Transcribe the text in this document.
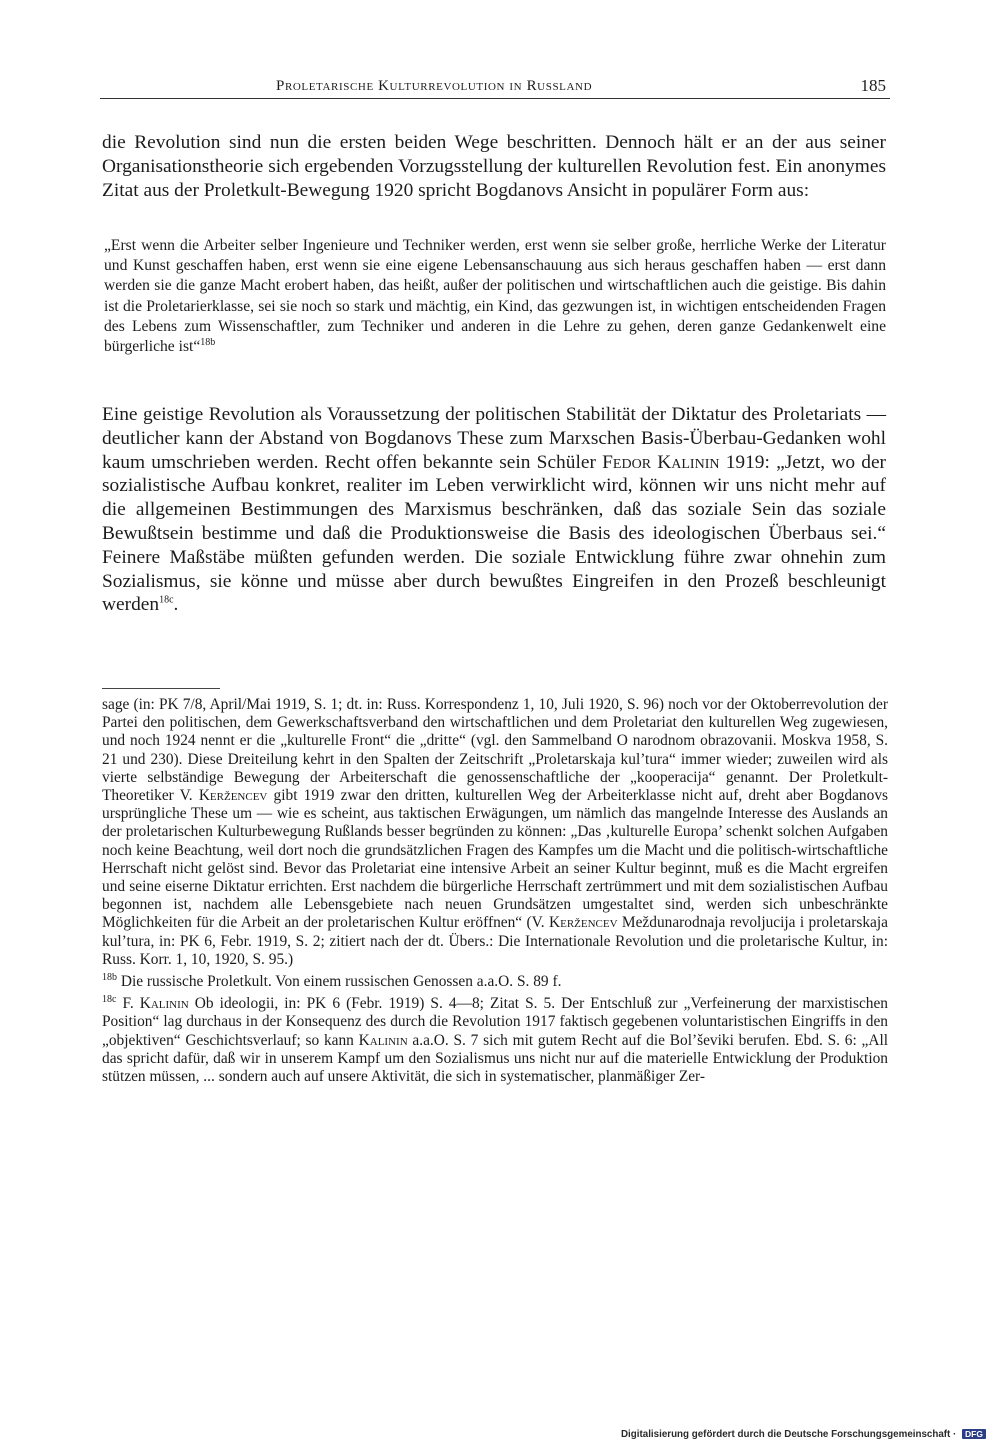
Proletarische Kulturrevolution in Russland	185

die Revolution sind nun die ersten beiden Wege beschritten. Dennoch hält er an der aus seiner Organisationstheorie sich ergebenden Vorzugsstellung der kulturellen Revolution fest. Ein anonymes Zitat aus der Proletkult-Bewegung 1920 spricht Bogdanovs Ansicht in populärer Form aus:

„Erst wenn die Arbeiter selber Ingenieure und Techniker werden, erst wenn sie selber große, herrliche Werke der Literatur und Kunst geschaffen haben, erst wenn sie eine eigene Lebensanschauung aus sich heraus geschaffen haben — erst dann werden sie die ganze Macht erobert haben, das heißt, außer der politischen und wirtschaftlichen auch die geistige. Bis dahin ist die Proletarierklasse, sei sie noch so stark und mächtig, ein Kind, das gezwungen ist, in wichtigen entscheidenden Fragen des Lebens zum Wissenschaftler, zum Techniker und anderen in die Lehre zu gehen, deren ganze Gedankenwelt eine bürgerliche ist“$^{18b}$

Eine geistige Revolution als Voraussetzung der politischen Stabilität der Diktatur des Proletariats — deutlicher kann der Abstand von Bogdanovs These zum Marxschen Basis-Überbau-Gedanken wohl kaum umschrieben werden. Recht offen bekannte sein Schüler Fedor Kalinin 1919: „Jetzt, wo der sozialistische Aufbau konkret, realiter im Leben verwirklicht wird, können wir uns nicht mehr auf die allgemeinen Bestimmungen des Marxismus beschränken, daß das soziale Sein das soziale Bewußtsein bestimme und daß die Produktionsweise die Basis des ideologischen Überbaus sei.“ Feinere Maßstäbe müßten gefunden werden. Die soziale Entwicklung führe zwar ohnehin zum Sozialismus, sie könne und müsse aber durch bewußtes Eingreifen in den Prozeß beschleunigt werden$^{18c}$.

sage (in: PK 7/8, April/Mai 1919, S. 1; dt. in: Russ. Korrespondenz 1, 10, Juli 1920, S. 96) noch vor der Oktoberrevolution der Partei den politischen, dem Gewerkschaftsverband den wirtschaftlichen und dem Proletariat den kulturellen Weg zugewiesen, und noch 1924 nennt er die „kulturelle Front“ die „dritte“ (vgl. den Sammelband O narodnom obrazovanii. Moskva 1958, S. 21 und 230). Diese Dreiteilung kehrt in den Spalten der Zeitschrift „Proletarskaja kul’tura“ immer wieder; zuweilen wird als vierte selbständige Bewegung der Arbeiterschaft die genossenschaftliche der „kooperacija“ genannt. Der Proletkult-Theoretiker V. Keržencev gibt 1919 zwar den dritten, kulturellen Weg der Arbeiterklasse nicht auf, dreht aber Bogdanovs ursprüngliche These um — wie es scheint, aus taktischen Erwägungen, um nämlich das mangelnde Interesse des Auslands an der proletarischen Kulturbewegung Rußlands besser begründen zu können: „Das ‚kulturelle Europa’ schenkt solchen Aufgaben noch keine Beachtung, weil dort noch die grundsätzlichen Fragen des Kampfes um die Macht und die politisch-wirtschaftliche Herrschaft nicht gelöst sind. Bevor das Proletariat eine intensive Arbeit an seiner Kultur beginnt, muß es die Macht ergreifen und seine eiserne Diktatur errichten. Erst nachdem die bürgerliche Herrschaft zertrümmert und mit dem sozialistischen Aufbau begonnen ist, nachdem alle Lebensgebiete nach neuen Grundsätzen umgestaltet sind, werden sich unbeschränkte Möglichkeiten für die Arbeit an der proletarischen Kultur eröffnen“ (V. Keržencev Meždunarodnaja revoljucija i proletarskaja kul’tura, in: PK 6, Febr. 1919, S. 2; zitiert nach der dt. Übers.: Die Internationale Revolution und die proletarische Kultur, in: Russ. Korr. 1, 10, 1920, S. 95.)

$^{18b}$ Die russische Proletkult. Von einem russischen Genossen a.a.O. S. 89 f.

$^{18c}$ F. Kalinin Ob ideologii, in: PK 6 (Febr. 1919) S. 4—8; Zitat S. 5. Der Entschluß zur „Verfeinerung der marxistischen Position“ lag durchaus in der Konsequenz des durch die Revolution 1917 faktisch gegebenen voluntaristischen Eingriffs in den „objektiven“ Geschichtsverlauf; so kann Kalinin a.a.O. S. 7 sich mit gutem Recht auf die Bol’ševiki berufen. Ebd. S. 6: „All das spricht dafür, daß wir in unserem Kampf um den Sozialismus uns nicht nur auf die materielle Entwicklung der Produktion stützen müssen, ... sondern auch auf unsere Aktivität, die sich in systematischer, planmäßiger Zer-

Digitalisierung gefördert durch die Deutsche Forschungsgemeinschaft · DFG
